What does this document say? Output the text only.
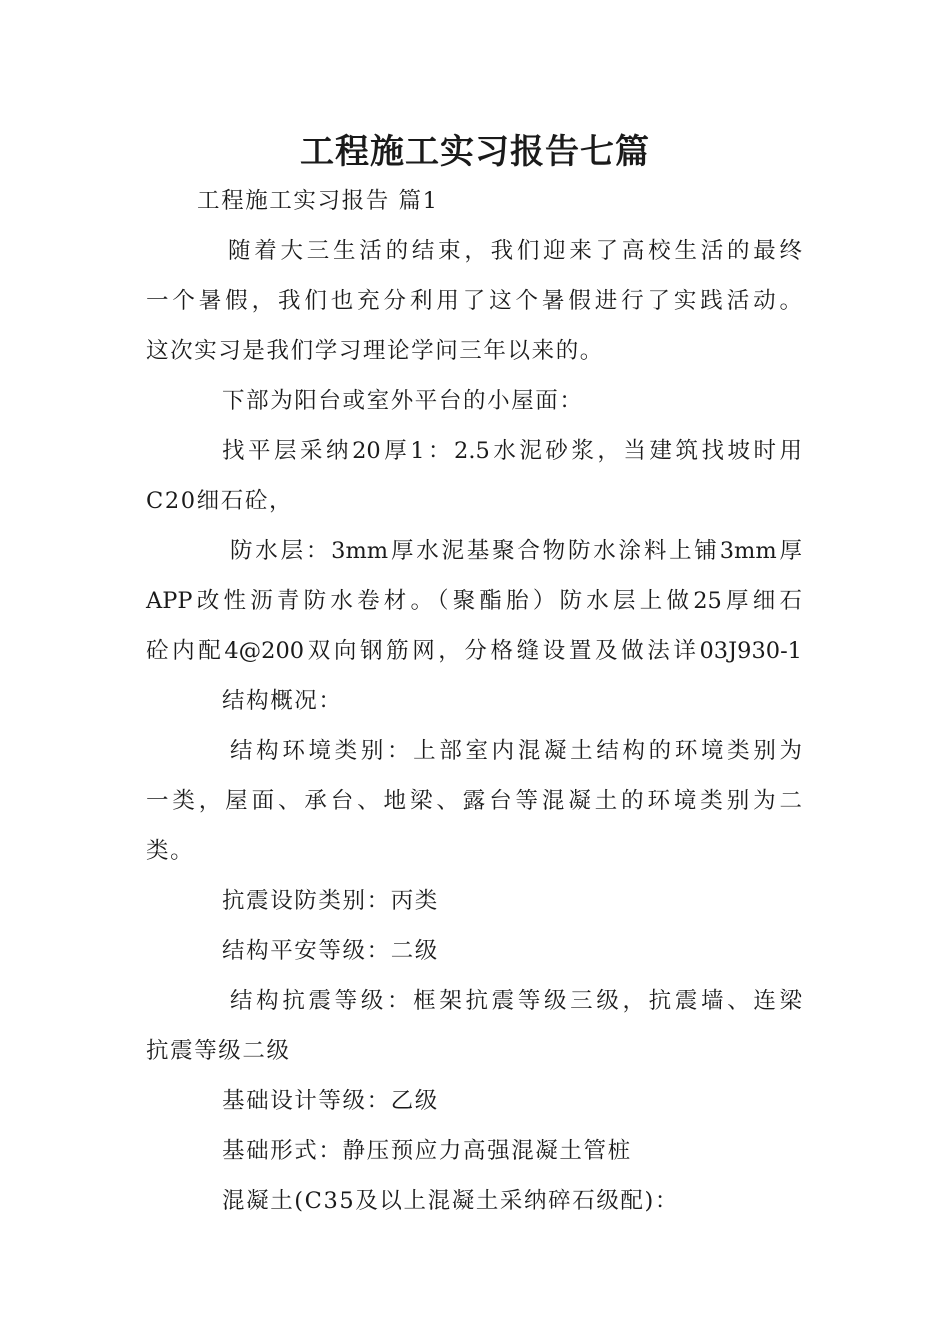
工程施工实习报告七篇
工程施工实习报告 篇1
随着大三生活的结束，我们迎来了高校生活的最终
一个暑假，我们也充分利用了这个暑假进行了实践活动。
这次实习是我们学习理论学问三年以来的。
下部为阳台或室外平台的小屋面：
找平层采纳20厚1：2.5水泥砂浆，当建筑找坡时用
C20细石砼，
防水层：3mm厚水泥基聚合物防水涂料上铺3mm厚
APP改性沥青防水卷材。（聚酯胎）防水层上做25厚细石
砼内配4@200双向钢筋网，分格缝设置及做法详03J930-1
结构概况：
结构环境类别：上部室内混凝土结构的环境类别为
一类，屋面、承台、地梁、露台等混凝土的环境类别为二
类。
抗震设防类别：丙类
结构平安等级：二级
结构抗震等级：框架抗震等级三级，抗震墙、连梁
抗震等级二级
基础设计等级：乙级
基础形式：静压预应力高强混凝土管桩
混凝土(C35及以上混凝土采纳碎石级配)：
